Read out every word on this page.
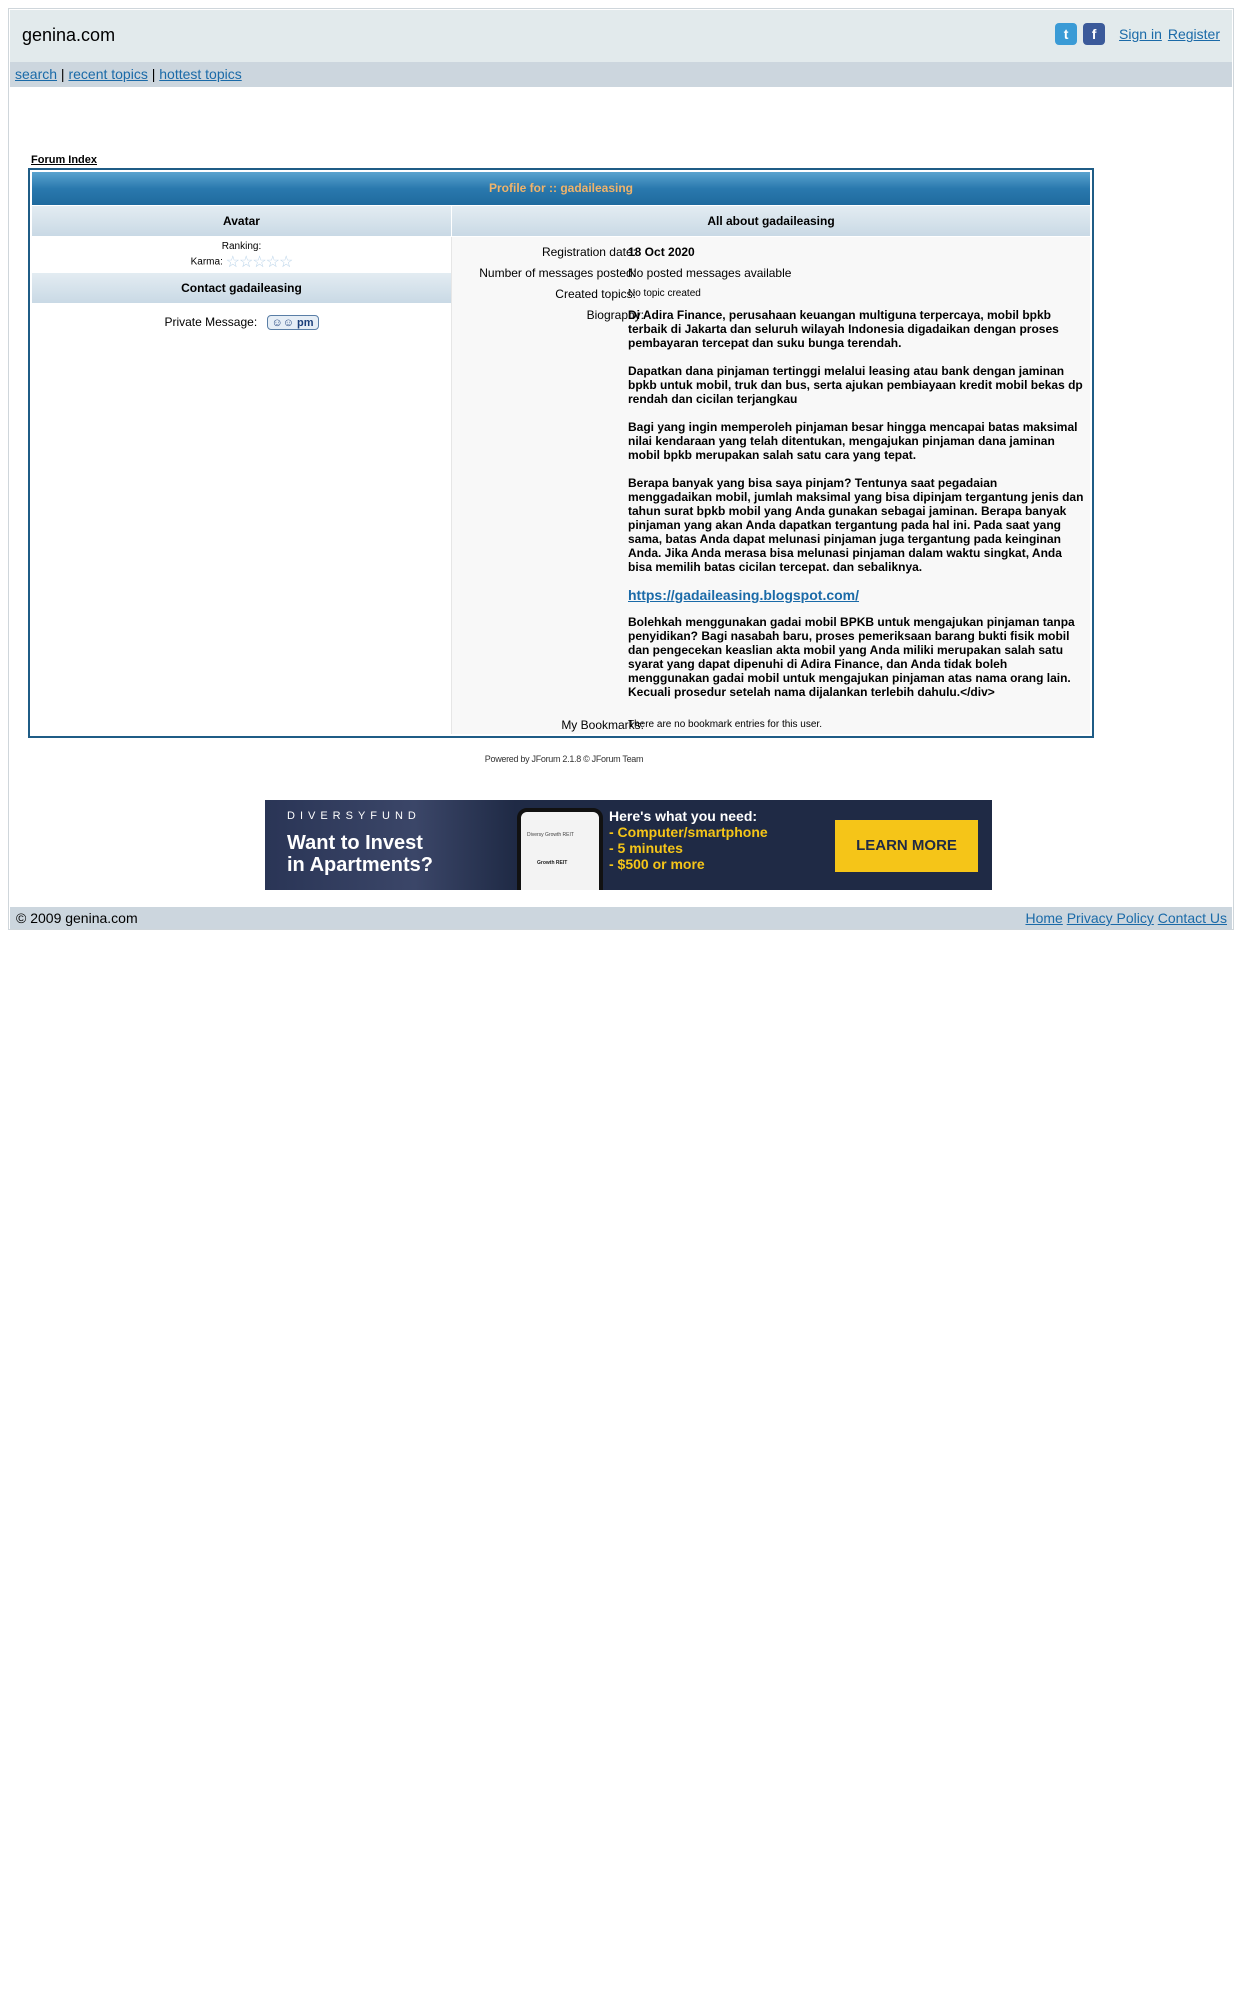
genina.com	t	f	Sign in Register
search | recent topics | hottest topics
Forum Index
Profile for :: gadaileasing
Avatar	All about gadaileasing
Ranking:
Karma: ☆☆☆☆☆
Contact gadaileasing
Private Message: ☺☺ pm
Registration date:
18 Oct 2020
Number of messages posted:
No posted messages available
Created topics:
No topic created
Biography:

Di Adira Finance, perusahaan keuangan multiguna terpercaya, mobil bpkb terbaik di Jakarta dan seluruh wilayah Indonesia digadaikan dengan proses pembayaran tercepat dan suku bunga terendah.

Dapatkan dana pinjaman tertinggi melalui leasing atau bank dengan jaminan bpkb untuk mobil, truk dan bus, serta ajukan pembiayaan kredit mobil bekas dp rendah dan cicilan terjangkau

Bagi yang ingin memperoleh pinjaman besar hingga mencapai batas maksimal nilai kendaraan yang telah ditentukan, mengajukan pinjaman dana jaminan mobil bpkb merupakan salah satu cara yang tepat.

Berapa banyak yang bisa saya pinjam? Tentunya saat pegadaian menggadaikan mobil, jumlah maksimal yang bisa dipinjam tergantung jenis dan tahun surat bpkb mobil yang Anda gunakan sebagai jaminan. Berapa banyak pinjaman yang akan Anda dapatkan tergantung pada hal ini. Pada saat yang sama, batas Anda dapat melunasi pinjaman juga tergantung pada keinginan Anda. Jika Anda merasa bisa melunasi pinjaman dalam waktu singkat, Anda bisa memilih batas cicilan tercepat. dan sebaliknya.

https://gadaileasing.blogspot.com/

Bolehkah menggunakan gadai mobil BPKB untuk mengajukan pinjaman tanpa penyidikan? Bagi nasabah baru, proses pemeriksaan barang bukti fisik mobil dan pengecekan keaslian akta mobil yang Anda miliki merupakan salah satu syarat yang dapat dipenuhi di Adira Finance, dan Anda tidak boleh menggunakan gadai mobil untuk mengajukan pinjaman atas nama orang lain. Kecuali prosedur setelah nama dijalankan terlebih dahulu.</div>

My Bookmarks:
There are no bookmark entries for this user.
Powered by JForum 2.1.8 © JForum Team
DIVERSYFUND
Want to Invest
in Apartments?
Diversy Growth REIT
Growth REIT
Here's what you need:
- Computer/smartphone
- 5 minutes
- $500 or more
LEARN MORE
© 2009 genina.com	Home Privacy Policy Contact Us
